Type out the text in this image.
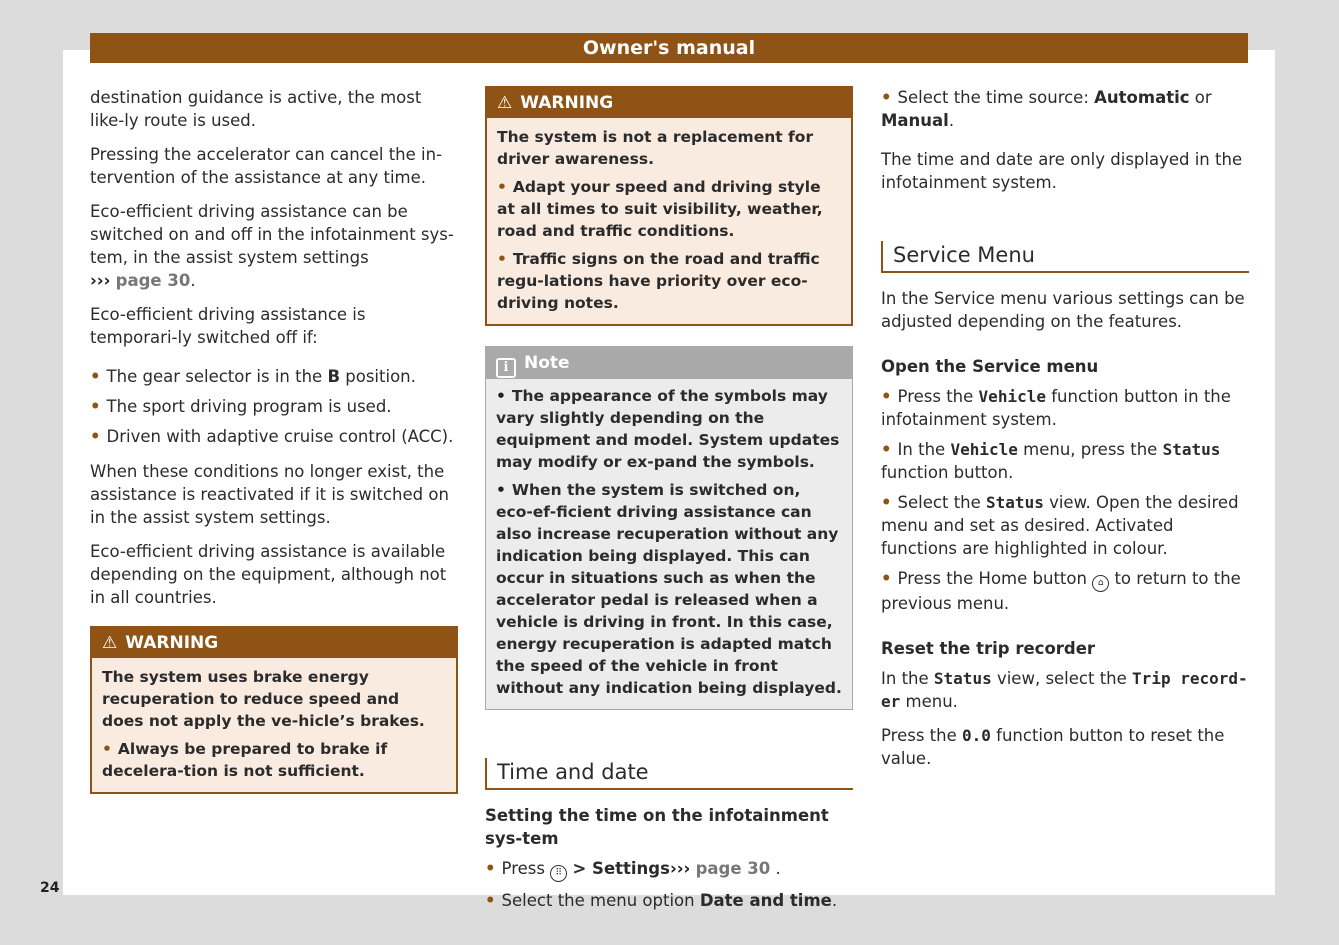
Owner's manual

destination guidance is active, the most like-ly route is used.

Pressing the accelerator can cancel the in-tervention of the assistance at any time.

Eco-efficient driving assistance can be switched on and off in the infotainment sys-tem, in the assist system settings
››› page 30.

Eco-efficient driving assistance is temporari-ly switched off if:

• The gear selector is in the B position.
• The sport driving program is used.
• Driven with adaptive cruise control (ACC).

When these conditions no longer exist, the assistance is reactivated if it is switched on in the assist system settings.

Eco-efficient driving assistance is available depending on the equipment, although not in all countries.

⚠ WARNING

The system uses brake energy recuperation to reduce speed and does not apply the ve-hicle’s brakes.

• Always be prepared to brake if decelera-tion is not sufficient.

⚠ WARNING

The system is not a replacement for driver awareness.

• Adapt your speed and driving style at all times to suit visibility, weather, road and traffic conditions.

• Traffic signs on the road and traffic regu-lations have priority over eco-driving notes.

i Note

• The appearance of the symbols may vary slightly depending on the equipment and model. System updates may modify or ex-pand the symbols.

• When the system is switched on, eco-ef-ficient driving assistance can also increase recuperation without any indication being displayed. This can occur in situations such as when the accelerator pedal is released when a vehicle is driving in front. In this case, energy recuperation is adapted match the speed of the vehicle in front without any indication being displayed.

Time and date
Setting the time on the infotainment sys-tem
• Press ⠿ > Settings››› page 30 .
• Select the menu option Date and time.
• Select the time source: Automatic or Manual.

The time and date are only displayed in the infotainment system.

Service Menu

In the Service menu various settings can be adjusted depending on the features.

Open the Service menu
• Press the Vehicle function button in the infotainment system.
• In the Vehicle menu, press the Status function button.
• Select the Status view. Open the desired menu and set as desired. Activated functions are highlighted in colour.
• Press the Home button ⌂ to return to the previous menu.
Reset the trip recorder

In the Status view, select the Trip record-er menu.

Press the 0.0 function button to reset the value.

24
